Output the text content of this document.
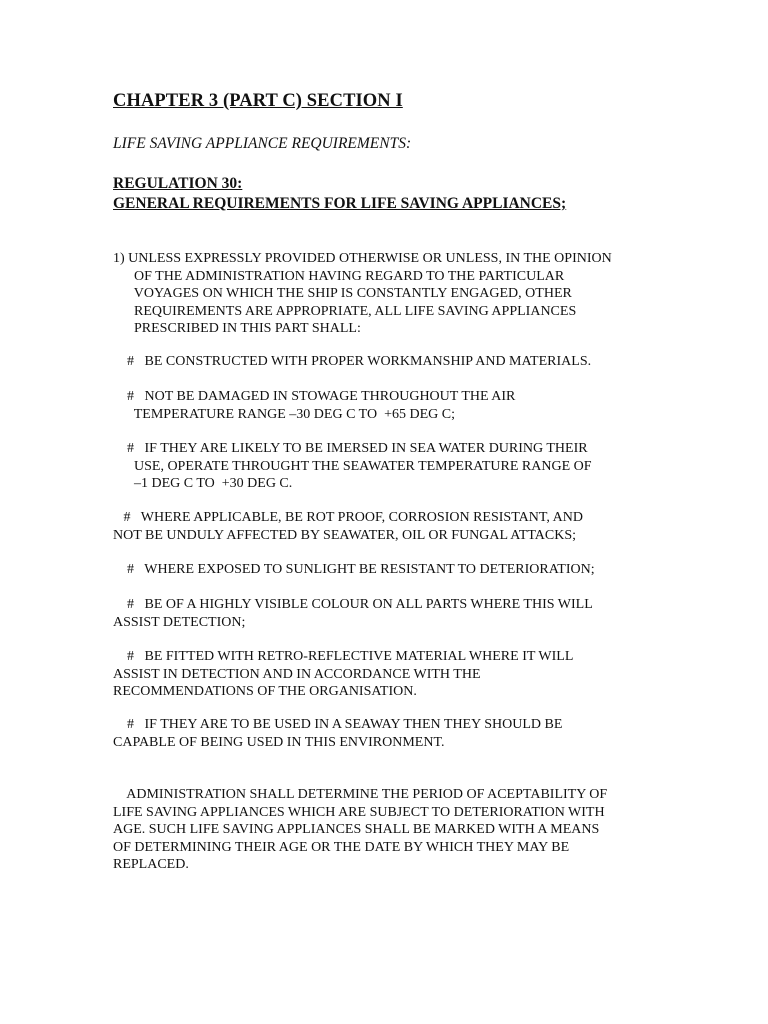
CHAPTER 3 (PART C) SECTION I
LIFE SAVING APPLIANCE REQUIREMENTS:
REGULATION 30:
GENERAL REQUIREMENTS FOR LIFE SAVING APPLIANCES;

1) UNLESS EXPRESSLY PROVIDED OTHERWISE OR UNLESS, IN THE OPINION
OF THE ADMINISTRATION HAVING REGARD TO THE PARTICULAR
VOYAGES ON WHICH THE SHIP IS CONSTANTLY ENGAGED, OTHER
REQUIREMENTS ARE APPROPRIATE, ALL LIFE SAVING APPLIANCES
PRESCRIBED IN THIS PART SHALL:

#   BE CONSTRUCTED WITH PROPER WORKMANSHIP AND MATERIALS.

#   NOT BE DAMAGED IN STOWAGE THROUGHOUT THE AIR
TEMPERATURE RANGE –30 DEG C TO  +65 DEG C;

#   IF THEY ARE LIKELY TO BE IMERSED IN SEA WATER DURING THEIR
USE, OPERATE THROUGHT THE SEAWATER TEMPERATURE RANGE OF
–1 DEG C TO  +30 DEG C.

#   WHERE APPLICABLE, BE ROT PROOF, CORROSION RESISTANT, AND
NOT BE UNDULY AFFECTED BY SEAWATER, OIL OR FUNGAL ATTACKS;

#   WHERE EXPOSED TO SUNLIGHT BE RESISTANT TO DETERIORATION;

#   BE OF A HIGHLY VISIBLE COLOUR ON ALL PARTS WHERE THIS WILL
ASSIST DETECTION;

#   BE FITTED WITH RETRO-REFLECTIVE MATERIAL WHERE IT WILL
ASSIST IN DETECTION AND IN ACCORDANCE WITH THE
RECOMMENDATIONS OF THE ORGANISATION.

#   IF THEY ARE TO BE USED IN A SEAWAY THEN THEY SHOULD BE
CAPABLE OF BEING USED IN THIS ENVIRONMENT.

ADMINISTRATION SHALL DETERMINE THE PERIOD OF ACEPTABILITY OF
LIFE SAVING APPLIANCES WHICH ARE SUBJECT TO DETERIORATION WITH
AGE. SUCH LIFE SAVING APPLIANCES SHALL BE MARKED WITH A MEANS
OF DETERMINING THEIR AGE OR THE DATE BY WHICH THEY MAY BE
REPLACED.
